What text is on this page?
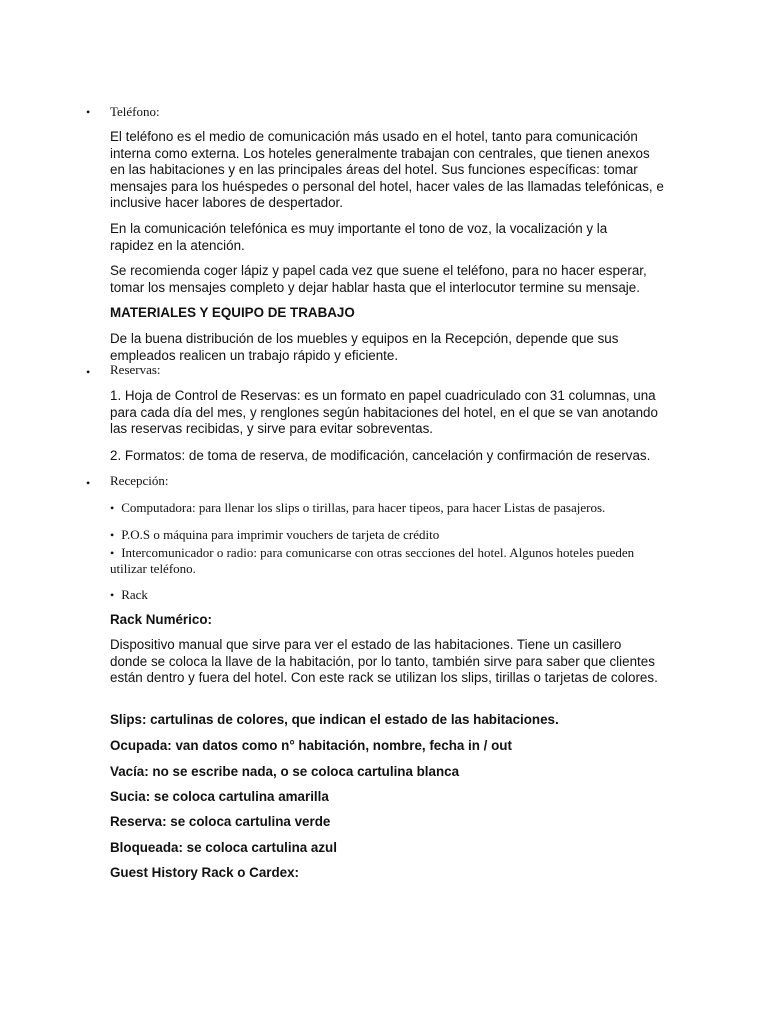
• Teléfono:

El teléfono es el medio de comunicación más usado en el hotel, tanto para comunicación interna como externa. Los hoteles generalmente trabajan con centrales, que tienen anexos en las habitaciones y en las principales áreas del hotel. Sus funciones específicas: tomar mensajes para los huéspedes o personal del hotel, hacer vales de las llamadas telefónicas, e inclusive hacer labores de despertador.

En la comunicación telefónica es muy importante el tono de voz, la vocalización y la rapidez en la atención.

Se recomienda coger lápiz y papel cada vez que suene el teléfono, para no hacer esperar, tomar los mensajes completo y dejar hablar hasta que el interlocutor termine su mensaje.

MATERIALES Y EQUIPO DE TRABAJO

De la buena distribución de los muebles y equipos en la Recepción, depende que sus empleados realicen un trabajo rápido y eficiente.

• Reservas:

1. Hoja de Control de Reservas: es un formato en papel cuadriculado con 31 columnas, una para cada día del mes, y renglones según habitaciones del hotel, en el que se van anotando las reservas recibidas, y sirve para evitar sobreventas.

2. Formatos: de toma de reserva, de modificación, cancelación y confirmación de reservas.

• Recepción:

• Computadora: para llenar los slips o tirillas, para hacer tipeos, para hacer Listas de pasajeros.

• P.O.S o máquina para imprimir vouchers de tarjeta de crédito

• Intercomunicador o radio: para comunicarse con otras secciones del hotel. Algunos hoteles pueden utilizar teléfono.

• Rack

Rack Numérico:

Dispositivo manual que sirve para ver el estado de las habitaciones. Tiene un casillero donde se coloca la llave de la habitación, por lo tanto, también sirve para saber que clientes están dentro y fuera del hotel. Con este rack se utilizan los slips, tirillas o tarjetas de colores.

Slips: cartulinas de colores, que indican el estado de las habitaciones.

Ocupada: van datos como n° habitación, nombre, fecha in / out

Vacía: no se escribe nada, o se coloca cartulina blanca

Sucia: se coloca cartulina amarilla

Reserva: se coloca cartulina verde

Bloqueada: se coloca cartulina azul

Guest History Rack o Cardex:
